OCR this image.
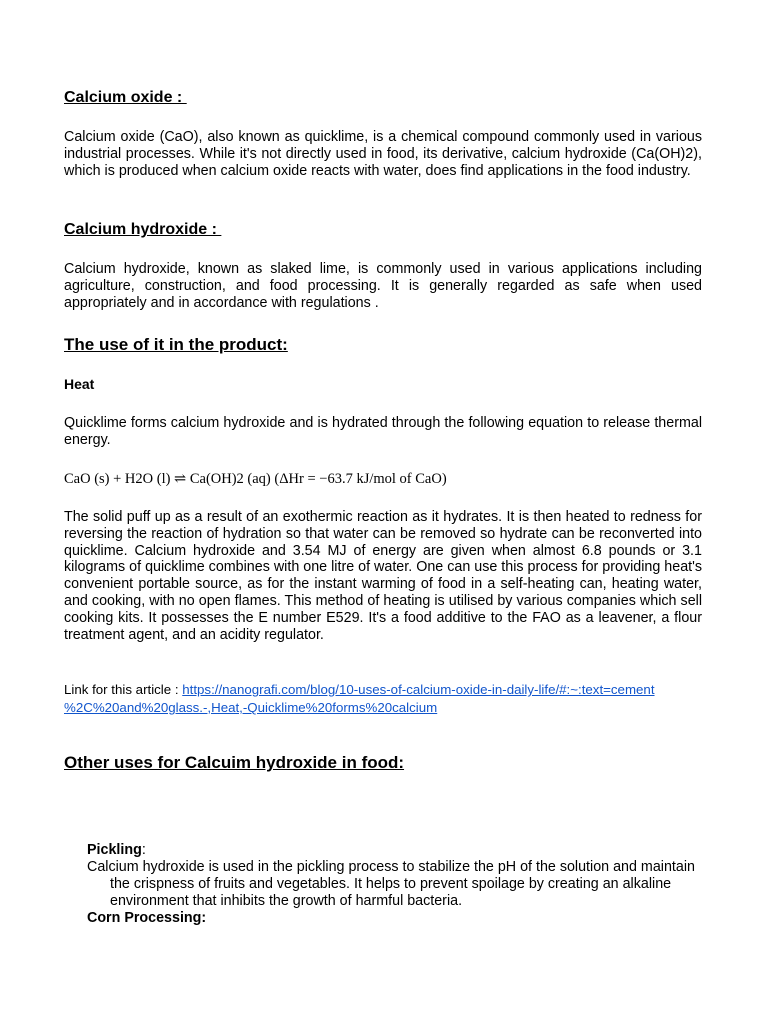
Calcium oxide :

Calcium oxide (CaO), also known as quicklime, is a chemical compound commonly used in various industrial processes. While it's not directly used in food, its derivative, calcium hydroxide (Ca(OH)2), which is produced when calcium oxide reacts with water, does find applications in the food industry.

Calcium hydroxide :

Calcium hydroxide, known as slaked lime, is commonly used in various applications including agriculture, construction, and food processing. It is generally regarded as safe when used appropriately and in accordance with regulations .

The use of it in the product:
Heat

Quicklime forms calcium hydroxide and is hydrated through the following equation to release thermal energy.

CaO (s) + H2O (l) ⇌ Ca(OH)2 (aq) (ΔHr = −63.7 kJ/mol of CaO)

The solid puff up as a result of an exothermic reaction as it hydrates. It is then heated to redness for reversing the reaction of hydration so that water can be removed so hydrate can be reconverted into quicklime. Calcium hydroxide and 3.54 MJ of energy are given when almost 6.8 pounds or 3.1 kilograms of quicklime combines with one litre of water. One can use this process for providing heat's convenient portable source, as for the instant warming of food in a self-heating can, heating water, and cooking, with no open flames. This method of heating is utilised by various companies which sell cooking kits. It possesses the E number E529. It's a food additive to the FAO as a leavener, a flour treatment agent, and an acidity regulator.

Link for this article : https://nanografi.com/blog/10-uses-of-calcium-oxide-in-daily-life/#:~:text=cement
%2C%20and%20glass.-,Heat,-Quicklime%20forms%20calcium

Other uses for Calcuim hydroxide in food:
Pickling:

Calcium hydroxide is used in the pickling process to stabilize the pH of the solution and maintain the crispness of fruits and vegetables. It helps to prevent spoilage by creating an alkaline environment that inhibits the growth of harmful bacteria.

Corn Processing:
